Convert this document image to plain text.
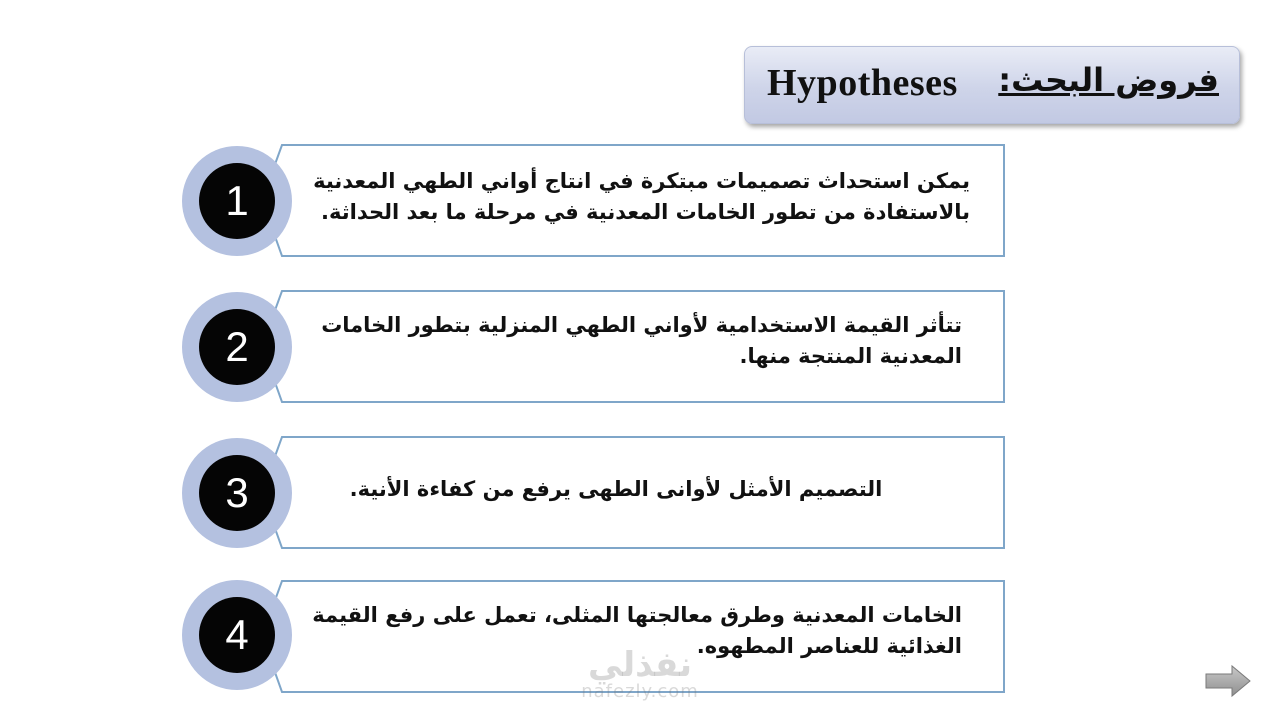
Hypotheses فروض البحث:
1	يمكن استحداث تصميمات مبتكرة في انتاج أواني الطهي المعدنية بالاستفادة من تطور الخامات المعدنية في مرحلة ما بعد الحداثة.
2	تتأثر القيمة الاستخدامية لأواني الطهي المنزلية بتطور الخامات المعدنية المنتجة منها.
3	التصميم الأمثل لأوانى الطهى يرفع من كفاءة الأنية.
4	الخامات المعدنية وطرق معالجتها المثلى، تعمل على رفع القيمة الغذائية للعناصر المطهوه.
نفذلي
nafezly.com
